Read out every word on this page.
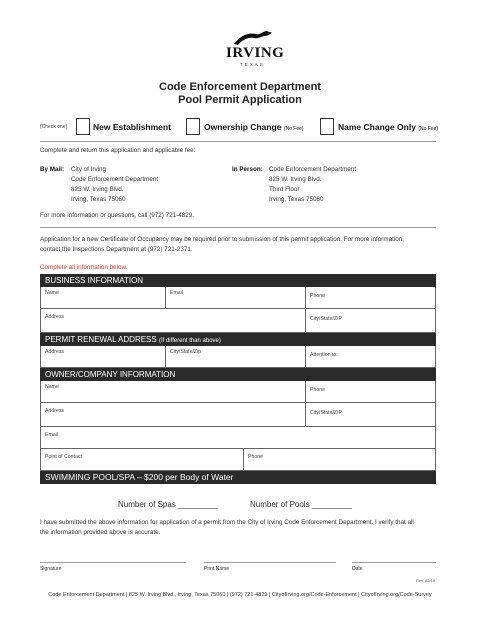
IRVING
TEXAS
Code Enforcement Department
Pool Permit Application
(Check one)	New Establishment	Ownership Change (No Fee)	Name Change Only (No Fee)
Complete and return this application and applicable fee:
By Mail: City of Irving
Code Enforcement Department
825 W. Irving Blvd.
Irving, Texas 75060
In Person: Code Enforcement Department
825 W. Irving Blvd.
Third Floor
Irving, Texas 75060
For more information or questions, call (972) 721-4829.
Application for a new Certificate of Occupancy may be required prior to submission of this permit application. For more information,
contact the Inspections Department at (972) 721-2371.
Complete all information below.
BUSINESS INFORMATION
Name	Email	Phone
Address	City/State/ZIP
PERMIT RENEWAL ADDRESS (If different than above)
Address	City/State/Zip	Attention to:
OWNER/COMPANY INFORMATION
Name	Phone
Address	City/State/ZIP
Email
Point of Contact	Phone
SWIMMING POOL/SPA – $200 per Body of Water
Number of Spas _________	Number of Pools _________
I have submitted the above information for application of a permit from the City of Irving Code Enforcement Department. I verify that all
the information provided above is accurate.
Signature	Print Name	Date
Rev. 02/15
Code Enforcement Department | 825 W. Irving Blvd., Irving, Texas 75060 | (972) 721-4829 | CityofIrving.org/Code-Enforcement | CityofIrving.org/Code-Survey
